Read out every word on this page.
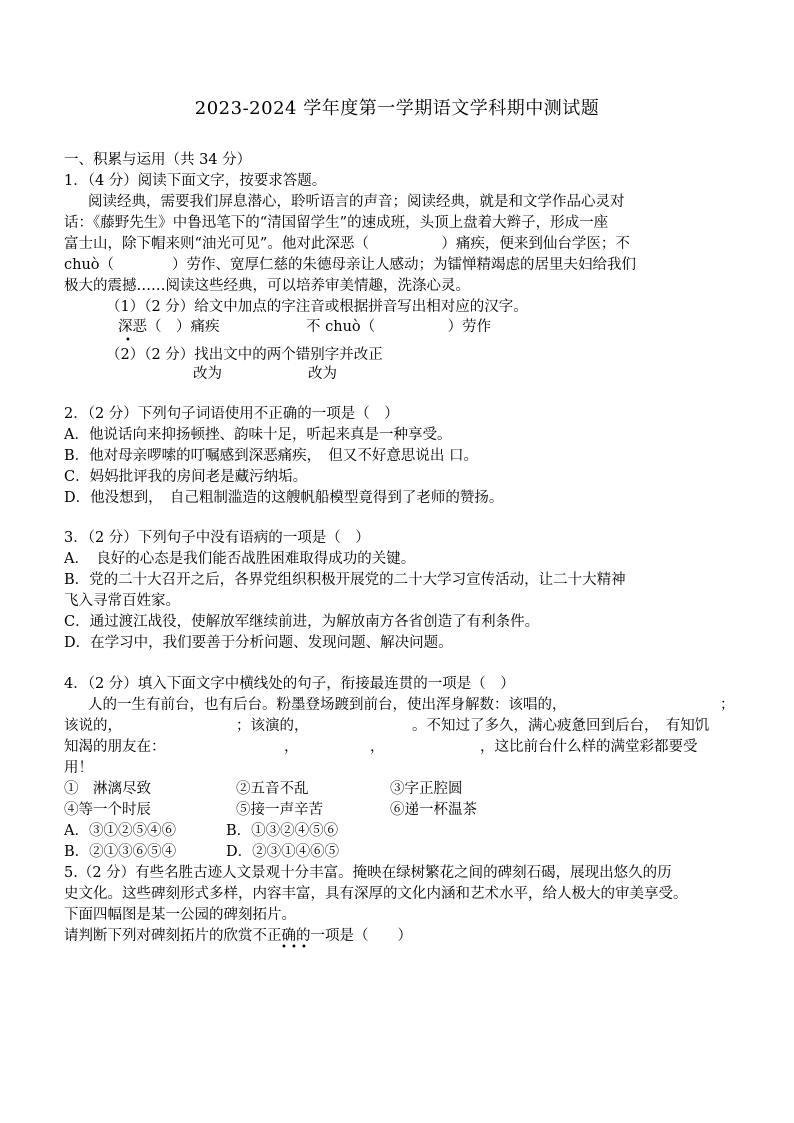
2023-2024 学年度第一学期语文学科期中测试题
一、积累与运用（共 34 分）
1．（4 分）阅读下面文字，按要求答题。
阅读经典，需要我们屏息潜心，聆听语言的声音；阅读经典，就是和文学作品心灵对
话：《藤野先生》中鲁迅笔下的“清国留学生”的速成班，头顶上盘着大辫子，形成一座
富士山，除下帽来则“油光可见”。他对此深恶（　　　　　）痛疾，便来到仙台学医；不
chuò（　　　　）劳作、宽厚仁慈的朱德母亲让人感动；为镭惮精竭虑的居里夫妇给我们
极大的震撼……阅读这些经典，可以培养审美情趣，洗涤心灵。
（1）（2 分）给文中加点的字注音或根据拼音写出相对应的汉字。
深恶（　）痛疾
•
不 chuò（　　　　　）劳作
（2）（2 分）找出文中的两个错别字并改正
改为	改为
2．（2 分）下列句子词语使用不正确的一项是（　）
A．他说话向来抑扬顿挫、韵味十足，听起来真是一种享受。
B．他对母亲啰嗦的叮嘱感到深恶痛疾，　但又不好意思说出 口。
C．妈妈批评我的房间老是藏污纳垢。
D．他没想到，　自己粗制滥造的这艘帆船模型竟得到了老师的赞扬。
3．（2 分）下列句子中没有语病的一项是（　）
A．　良好的心态是我们能否战胜困难取得成功的关键。
B．党的二十大召开之后，各界党组织积极开展党的二十大学习宣传活动，让二十大精神
飞入寻常百姓家。
C．通过渡江战役，使解放军继续前进，为解放南方各省创造了有利条件。
D．在学习中，我们要善于分析问题、发现问题、解决问题。
4．（2 分）填入下面文字中横线处的句子，衔接最连贯的一项是（　）
人的一生有前台，也有后台。粉墨登场踱到前台，使出浑身解数：该唱的，	；
该说的，	；该演的，	。不知过了多久，满心疲惫回到后台，　有知饥
知渴的朋友在：	，	，	，这比前台什么样的满堂彩都要受
用！
①　淋漓尽致	②五音不乱	③字正腔圆
④等一个时辰	⑤接一声辛苦	⑥递一杯温茶
A．③①②⑤④⑥	B．①③②④⑤⑥
B．②①③⑥⑤④	D．②③①④⑥⑤
5.（2 分）有些名胜古迹人文景观十分丰富。掩映在绿树繁花之间的碑刻石碣，展现出悠久的历
史文化。这些碑刻形式多样，内容丰富，具有深厚的文化内涵和艺术水平，给人极大的审美享受。
下面四幅图是某一公园的碑刻拓片。
请判断下列对碑刻拓片的欣赏不正确的一项是（　　）
• • •
